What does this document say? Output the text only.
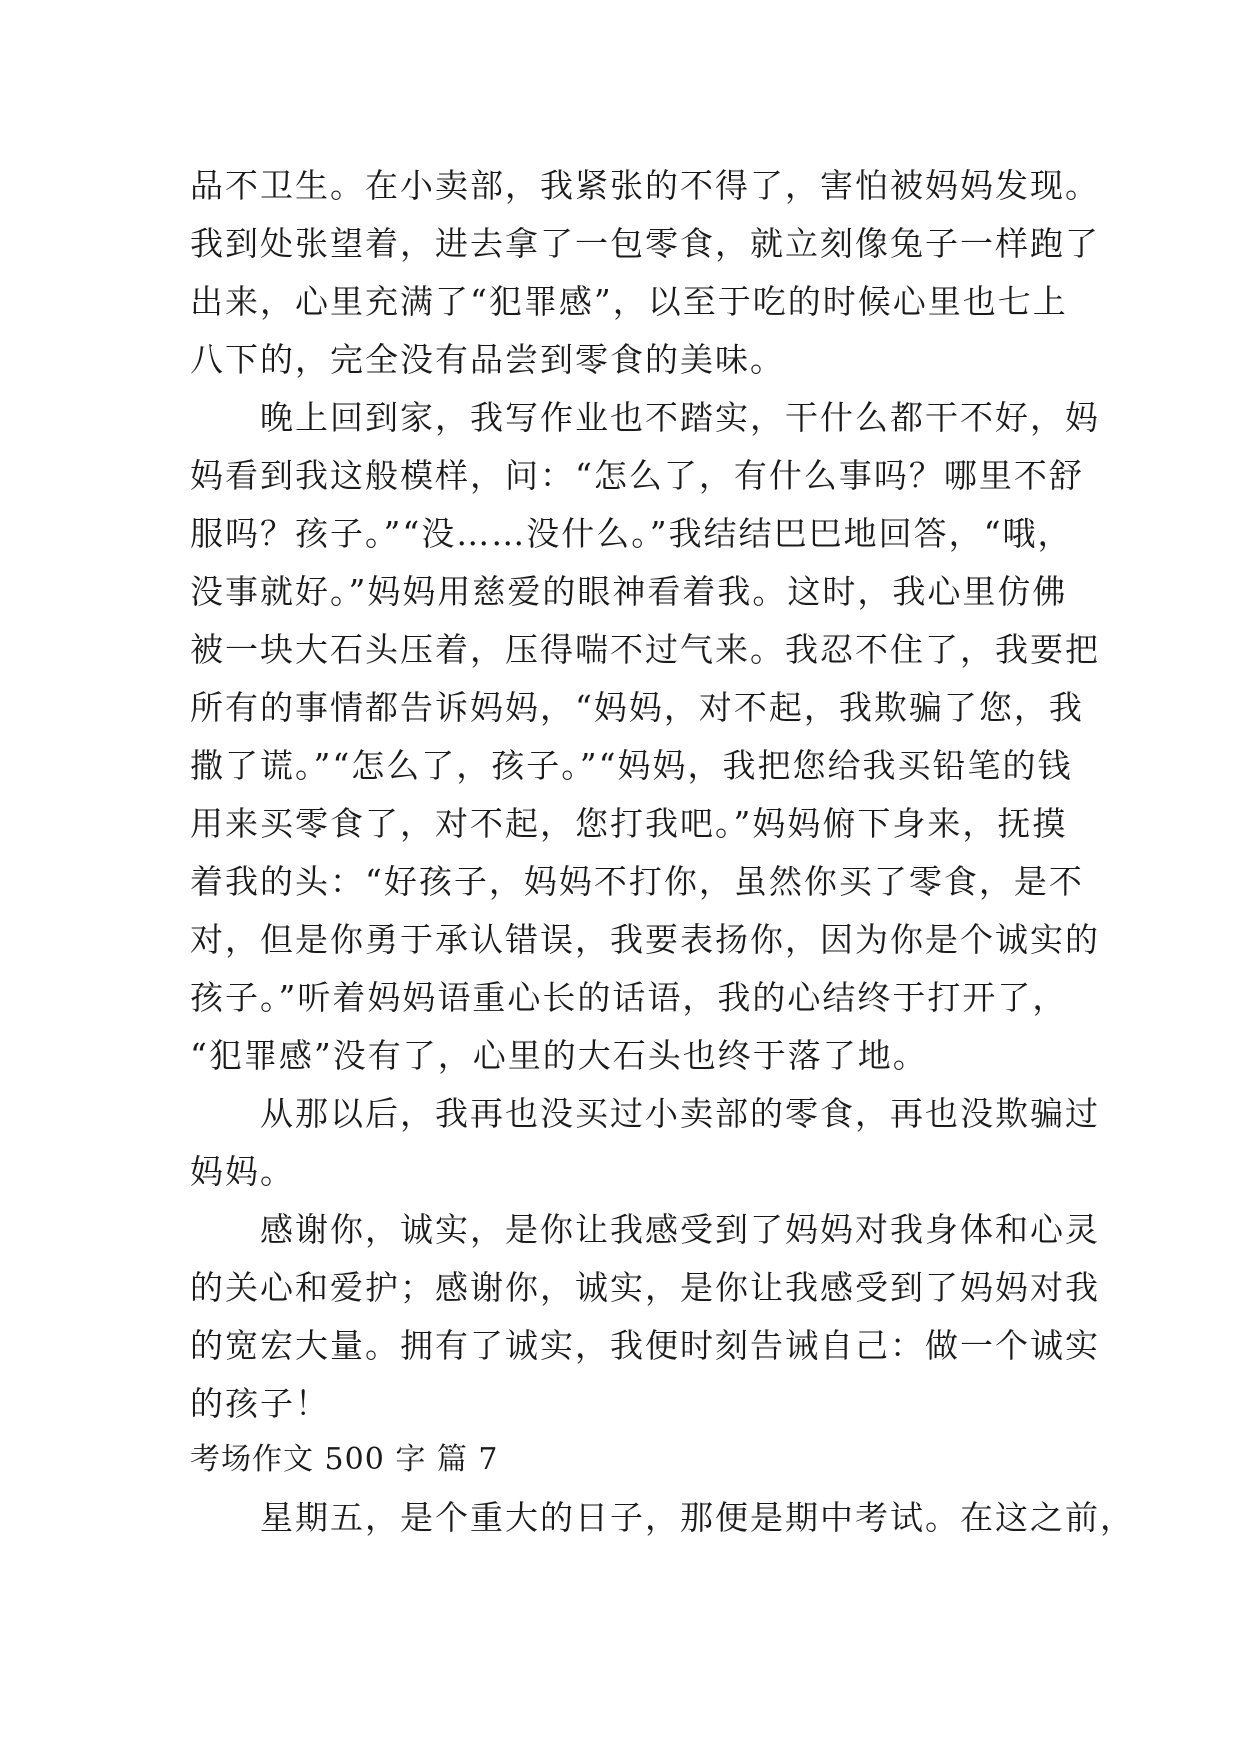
品不卫生。在小卖部，我紧张的不得了，害怕被妈妈发现。
我到处张望着，进去拿了一包零食，就立刻像兔子一样跑了
出来，心里充满了“犯罪感”，以至于吃的时候心里也七上
八下的，完全没有品尝到零食的美味。
　　晚上回到家，我写作业也不踏实，干什么都干不好，妈
妈看到我这般模样，问：“怎么了，有什么事吗？哪里不舒
服吗？孩子。”“没……没什么。”我结结巴巴地回答，“哦，
没事就好。”妈妈用慈爱的眼神看着我。这时，我心里仿佛
被一块大石头压着，压得喘不过气来。我忍不住了，我要把
所有的事情都告诉妈妈，“妈妈，对不起，我欺骗了您，我
撒了谎。”“怎么了，孩子。”“妈妈，我把您给我买铅笔的钱
用来买零食了，对不起，您打我吧。”妈妈俯下身来，抚摸
着我的头：“好孩子，妈妈不打你，虽然你买了零食，是不
对，但是你勇于承认错误，我要表扬你，因为你是个诚实的
孩子。”听着妈妈语重心长的话语，我的心结终于打开了，
“犯罪感”没有了，心里的大石头也终于落了地。
　　从那以后，我再也没买过小卖部的零食，再也没欺骗过
妈妈。
　　感谢你，诚实，是你让我感受到了妈妈对我身体和心灵
的关心和爱护；感谢你，诚实，是你让我感受到了妈妈对我
的宽宏大量。拥有了诚实，我便时刻告诫自己：做一个诚实
的孩子！
考场作文 500 字 篇 7
　　星期五，是个重大的日子，那便是期中考试。在这之前，
